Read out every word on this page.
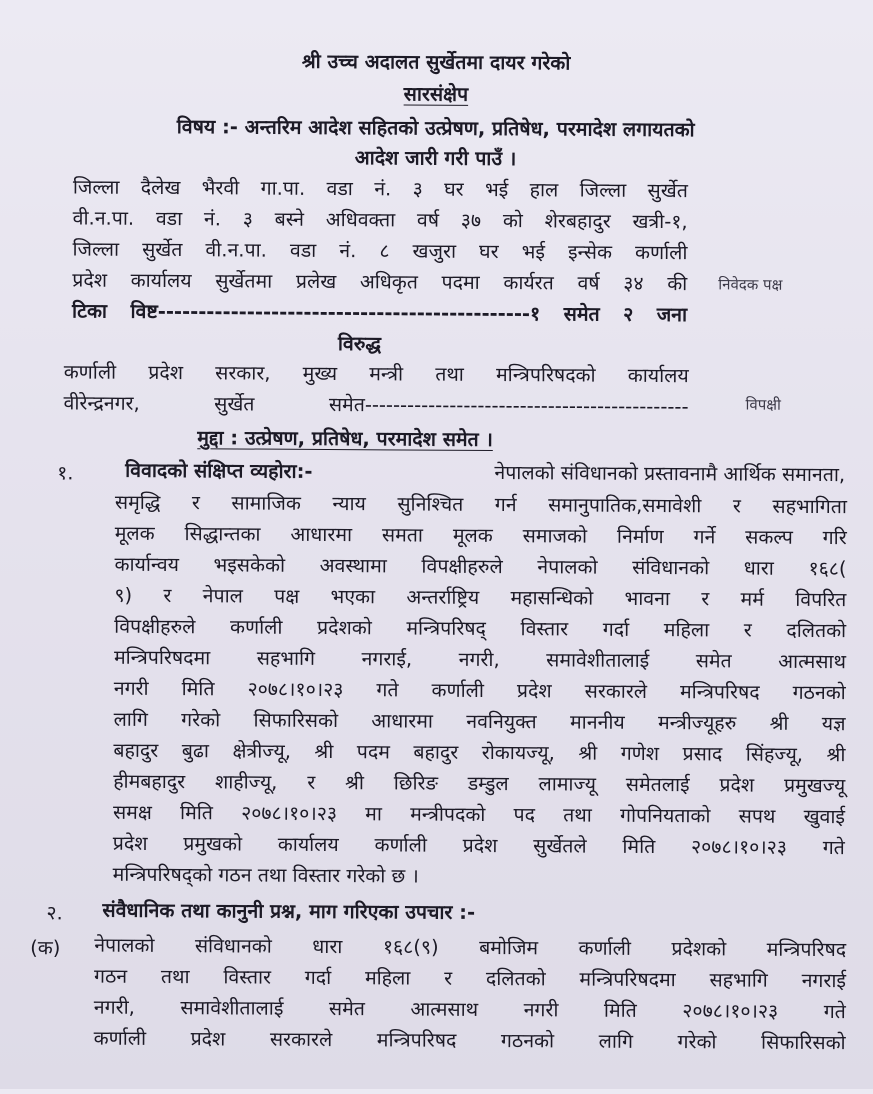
श्री उच्च अदालत सुर्खेतमा दायर गरेको
सारसंक्षेप
विषय :- अन्तरिम आदेश सहितको उत्प्रेषण, प्रतिषेध, परमादेश लगायतको
आदेश जारी गरी पाउँ ।
जिल्ला दैलेख भैरवी गा.पा. वडा नं. ३ घर भई हाल जिल्ला सुर्खेत
वी.न.पा. वडा नं. ३ बस्ने अधिवक्ता वर्ष ३७ को शेरबहादुर खत्री-१,
जिल्ला सुर्खेत वी.न.पा. वडा नं. ८ खजुरा घर भई इन्सेक कर्णाली
प्रदेश कार्यालय सुर्खेतमा प्रलेख अधिकृत पदमा कार्यरत वर्ष ३४ की निवेदक पक्ष
टिका विष्ट----------------------------------------------१ समेत २ जना
विरुद्ध
कर्णाली प्रदेश सरकार, मुख्य मन्त्री तथा मन्त्रिपरिषदको कार्यालय
वीरेन्द्रनगर, सुर्खेत समेत----------------------------------------------	विपक्षी
मुद्दा : उत्प्रेषण, प्रतिषेध, परमादेश समेत ।
१.	विवादको संक्षिप्त व्यहोरा:-	नेपालको संविधानको प्रस्तावनामै आर्थिक समानता,
समृद्धि र सामाजिक न्याय सुनिश्चित गर्न समानुपातिक,समावेशी र सहभागिता
मूलक सिद्धान्तका आधारमा समता मूलक समाजको निर्माण गर्ने सकल्प गरि
कार्यान्वय भइसकेको अवस्थामा विपक्षीहरुले नेपालको संविधानको धारा १६८(
९) र नेपाल पक्ष भएका अन्तर्राष्ट्रिय महासन्धिको भावना र मर्म विपरित
विपक्षीहरुले कर्णाली प्रदेशको मन्त्रिपरिषद् विस्तार गर्दा महिला र दलितको
मन्त्रिपरिषदमा सहभागि नगराई, नगरी, समावेशीतालाई समेत आत्मसाथ
नगरी मिति २०७८।१०।२३ गते कर्णाली प्रदेश सरकारले मन्त्रिपरिषद गठनको
लागि गरेको सिफारिसको आधारमा नवनियुक्त माननीय मन्त्रीज्यूहरु श्री यज्ञ
बहादुर बुढा क्षेत्रीज्यू, श्री पदम बहादुर रोकायज्यू, श्री गणेश प्रसाद सिंहज्यू, श्री
हीमबहादुर शाहीज्यू, र श्री छिरिङ डम्डुल लामाज्यू समेतलाई प्रदेश प्रमुखज्यू
समक्ष मिति २०७८।१०।२३ मा मन्त्रीपदको पद तथा गोपनियताको सपथ खुवाई
प्रदेश प्रमुखको कार्यालय कर्णाली प्रदेश सुर्खेतले मिति २०७८।१०।२३ गते
मन्त्रिपरिषद्को गठन तथा विस्तार गरेको छ ।
२. संवैधानिक तथा कानुनी प्रश्न, माग गरिएका उपचार :-
(क) नेपालको संविधानको धारा १६८(९) बमोजिम कर्णाली प्रदेशको मन्त्रिपरिषद
गठन तथा विस्तार गर्दा महिला र दलितको मन्त्रिपरिषदमा सहभागि नगराई
नगरी, समावेशीतालाई समेत आत्मसाथ नगरी मिति २०७८।१०।२३ गते
कर्णाली प्रदेश सरकारले मन्त्रिपरिषद गठनको लागि गरेको सिफारिसको
